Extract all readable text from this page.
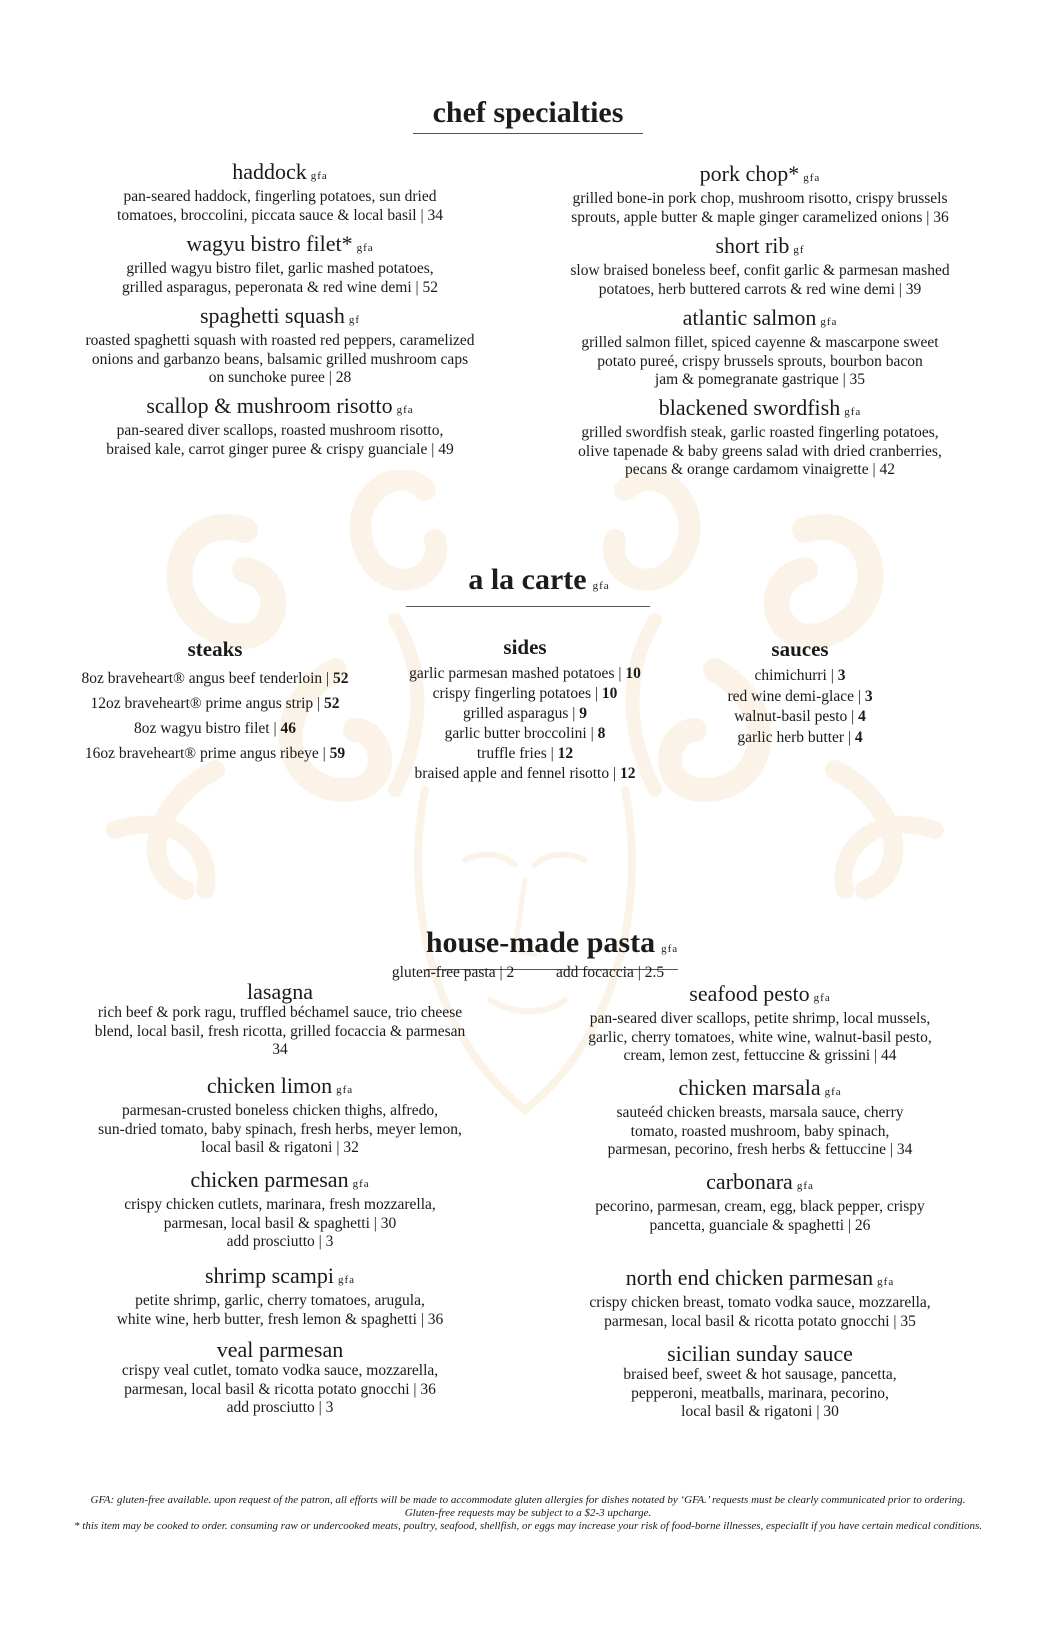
chef specialties
haddock gfa
pan-seared haddock, fingerling potatoes, sun dried
tomatoes, broccolini, piccata sauce & local basil | 34
wagyu bistro filet* gfa
grilled wagyu bistro filet, garlic mashed potatoes,
grilled asparagus, peperonata & red wine demi | 52
spaghetti squash gf
roasted spaghetti squash with roasted red peppers, caramelized
onions and garbanzo beans, balsamic grilled mushroom caps
on sunchoke puree | 28
scallop & mushroom risotto gfa
pan-seared diver scallops, roasted mushroom risotto,
braised kale, carrot ginger puree & crispy guanciale | 49
pork chop* gfa
grilled bone-in pork chop, mushroom risotto, crispy brussels
sprouts, apple butter & maple ginger caramelized onions | 36
short rib gf
slow braised boneless beef, confit garlic & parmesan mashed
potatoes, herb buttered carrots & red wine demi | 39
atlantic salmon gfa
grilled salmon fillet, spiced cayenne & mascarpone sweet
potato pureé, crispy brussels sprouts, bourbon bacon
jam & pomegranate gastrique | 35
blackened swordfish gfa
grilled swordfish steak, garlic roasted fingerling potatoes,
olive tapenade & baby greens salad with dried cranberries,
pecans & orange cardamom vinaigrette | 42
a la carte gfa
steaks
8oz braveheart® angus beef tenderloin | 52
12oz braveheart® prime angus strip | 52
8oz wagyu bistro filet | 46
16oz braveheart® prime angus ribeye | 59
sides
garlic parmesan mashed potatoes | 10
crispy fingerling potatoes | 10
grilled asparagus | 9
garlic butter broccolini | 8
truffle fries | 12
braised apple and fennel risotto | 12
sauces
chimichurri | 3
red wine demi-glace | 3
walnut-basil pesto | 4
garlic herb butter | 4
house-made pasta gfa
gluten-free pasta | 2	add focaccia | 2.5
lasagna
rich beef & pork ragu, truffled béchamel sauce, trio cheese
blend, local basil, fresh ricotta, grilled focaccia & parmesan
34
chicken limon gfa
parmesan-crusted boneless chicken thighs, alfredo,
sun-dried tomato, baby spinach, fresh herbs, meyer lemon,
local basil & rigatoni | 32
chicken parmesan gfa
crispy chicken cutlets, marinara, fresh mozzarella,
parmesan, local basil & spaghetti | 30
add prosciutto | 3
shrimp scampi gfa
petite shrimp, garlic, cherry tomatoes, arugula,
white wine, herb butter, fresh lemon & spaghetti | 36
veal parmesan
crispy veal cutlet, tomato vodka sauce, mozzarella,
parmesan, local basil & ricotta potato gnocchi | 36
add prosciutto | 3
seafood pesto gfa
pan-seared diver scallops, petite shrimp, local mussels,
garlic, cherry tomatoes, white wine, walnut-basil pesto,
cream, lemon zest, fettuccine & grissini | 44
chicken marsala gfa
sauteéd chicken breasts, marsala sauce, cherry
tomato, roasted mushroom, baby spinach,
parmesan, pecorino, fresh herbs & fettuccine | 34
carbonara gfa
pecorino, parmesan, cream, egg, black pepper, crispy
pancetta, guanciale & spaghetti | 26
north end chicken parmesan gfa
crispy chicken breast, tomato vodka sauce, mozzarella,
parmesan, local basil & ricotta potato gnocchi | 35
sicilian sunday sauce
braised beef, sweet & hot sausage, pancetta,
pepperoni, meatballs, marinara, pecorino,
local basil & rigatoni | 30
GFA: gluten-free available. upon request of the patron, all efforts will be made to accommodate gluten allergies for dishes notated by ‘GFA.’ requests must be clearly communicated prior to ordering.
Gluten-free requests may be subject to a $2-3 upcharge.
* this item may be cooked to order. consuming raw or undercooked meats, poultry, seafood, shellfish, or eggs may increase your risk of food-borne illnesses, especiallt if you have certain medical conditions.
